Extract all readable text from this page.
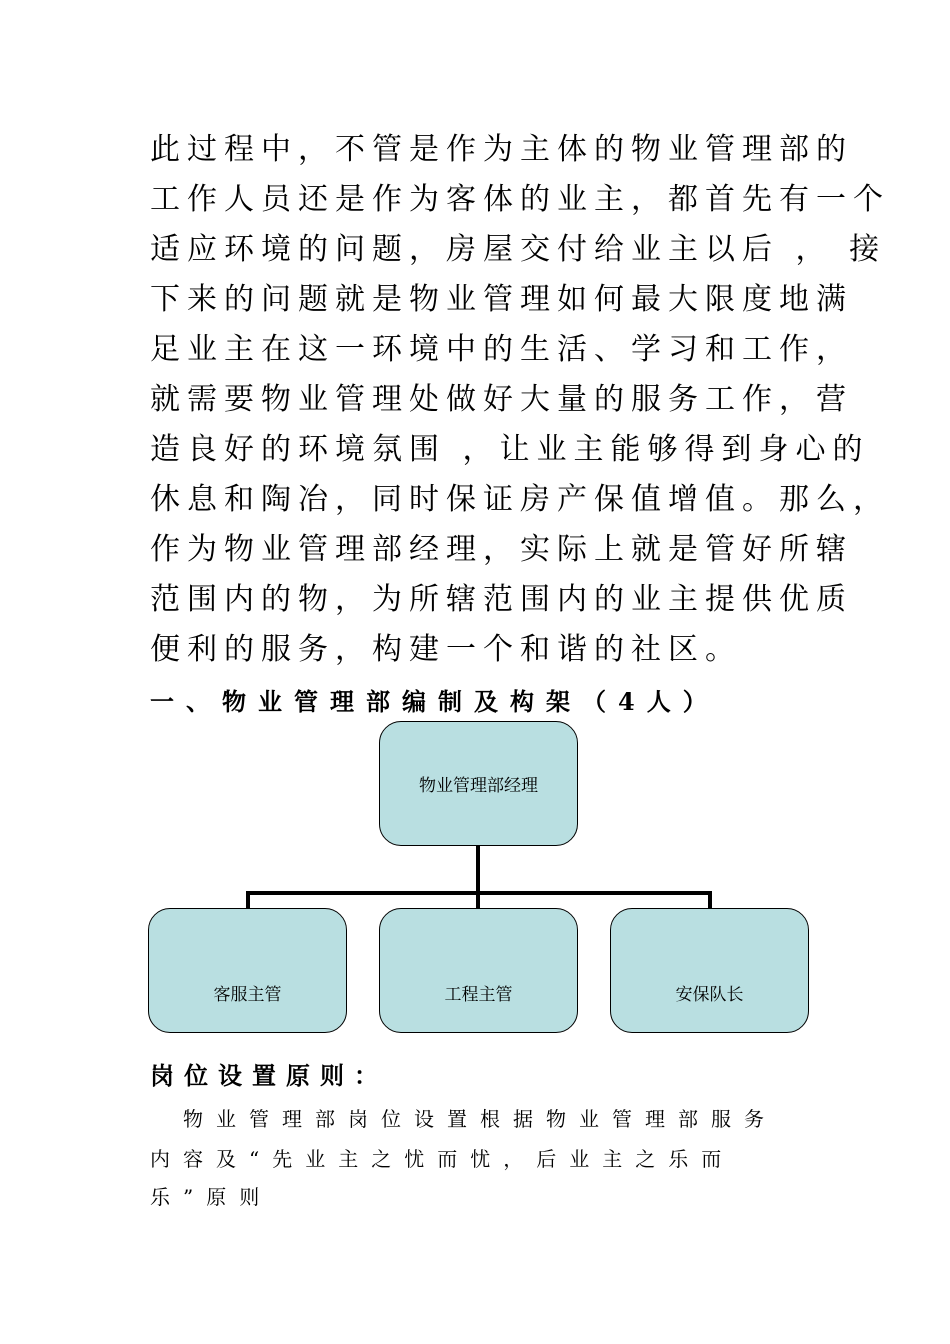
此过程中，不管是作为主体的物业管理部的
工作人员还是作为客体的业主，都首先有一个
适应环境的问题，房屋交付给业主以后 ， 接
下来的问题就是物业管理如何最大限度地满
足业主在这一环境中的生活、学习和工作，
就需要物业管理处做好大量的服务工作，营
造良好的环境氛围 ，让业主能够得到身心的
休息和陶冶，同时保证房产保值增值。那么，
作为物业管理部经理，实际上就是管好所辖
范围内的物，为所辖范围内的业主提供优质
便利的服务，构建一个和谐的社区。
一、物业管理部编制及构架（4人）
物业管理部经理
客服主管	工程主管	安保队长
岗位设置原则：
　物业管理部岗位设置根据物业管理部服务
内容及“先业主之忧而忧，后业主之乐而
乐”原则
